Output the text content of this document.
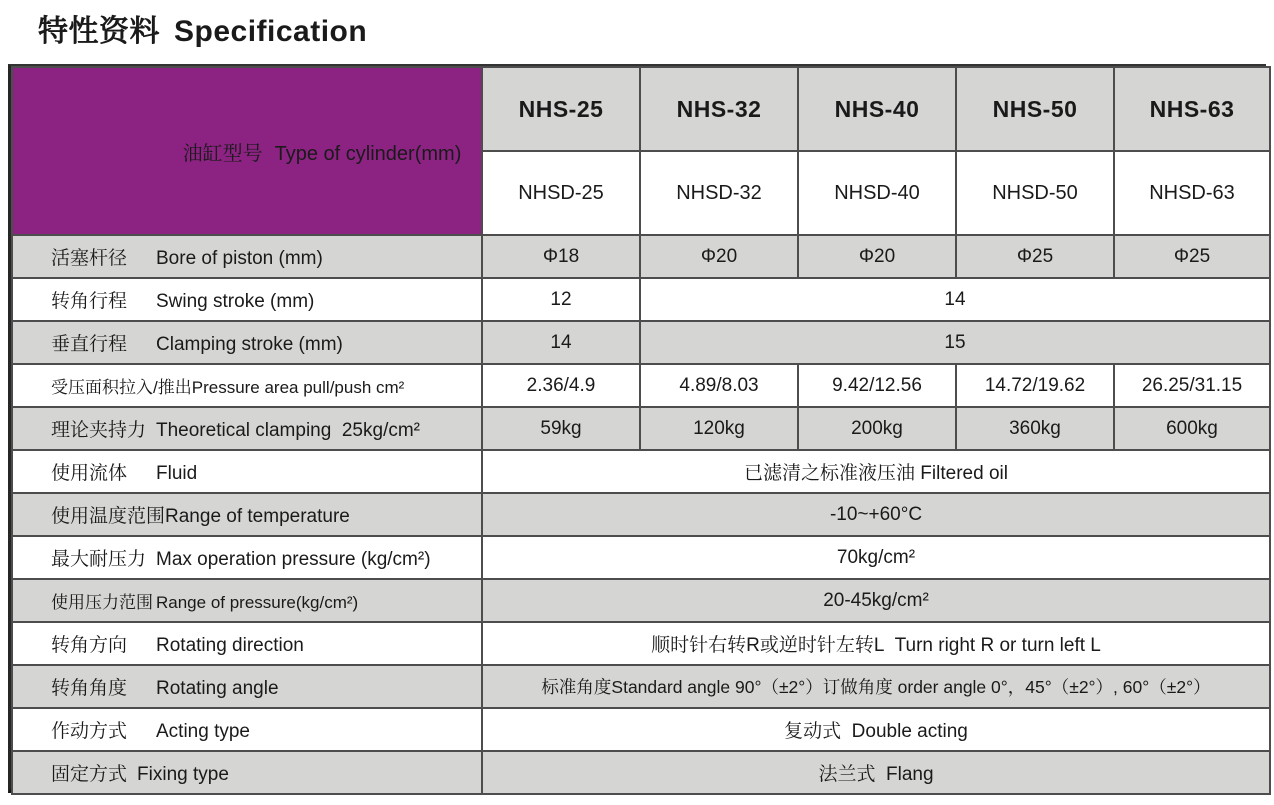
特性资料 Specification
油缸型号 Type of cylinder(mm)	NHS-25	NHS-32	NHS-40	NHS-50	NHS-63
	NHSD-25	NHSD-32	NHSD-40	NHSD-50	NHSD-63
活塞杆径 Bore of piston (mm)	Φ18	Φ20	Φ20	Φ25	Φ25
转角行程 Swing stroke (mm)	12	14			
垂直行程 Clamping stroke (mm)	14	15			
受压面积拉入/推出Pressure area pull/push cm²	2.36/4.9	4.89/8.03	9.42/12.56	14.72/19.62	26.25/31.15
理论夹持力 Theoretical clamping  25kg/cm²	59kg	120kg	200kg	360kg	600kg
使用流体 Fluid	已滤清之标准液压油 Filtered oil				
使用温度范围Range of temperature	-10~+60°C				
最大耐压力 Max operation pressure (kg/cm²)	70kg/cm²				
使用压力范围 Range of pressure(kg/cm²)	20-45kg/cm²				
转角方向 Rotating direction	顺时针右转R或逆时针左转L  Turn right R or turn left L				
转角角度 Rotating angle	标准角度Standard angle 90°（±2°）订做角度 order angle 0°，45°（±2°）, 60°（±2°）				
作动方式 Acting type	复动式  Double acting				
固定方式 Fixing type	法兰式  Flang				
